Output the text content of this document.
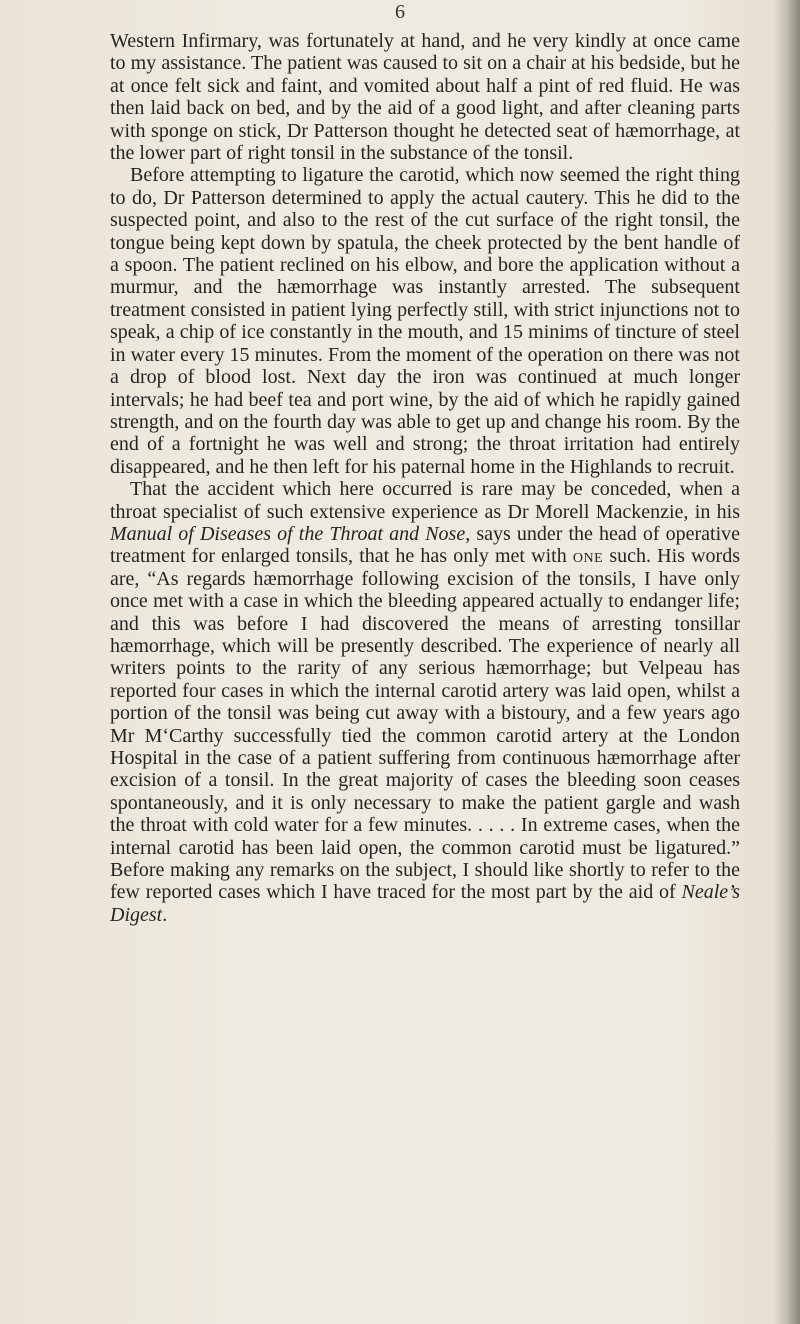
6

Western Infirmary, was fortunately at hand, and he very kindly at once came to my assistance. The patient was caused to sit on a chair at his bedside, but he at once felt sick and faint, and vomited about half a pint of red fluid. He was then laid back on bed, and by the aid of a good light, and after cleaning parts with sponge on stick, Dr Patterson thought he detected seat of hæmorrhage, at the lower part of right tonsil in the substance of the tonsil.

Before attempting to ligature the carotid, which now seemed the right thing to do, Dr Patterson determined to apply the actual cautery. This he did to the suspected point, and also to the rest of the cut surface of the right tonsil, the tongue being kept down by spatula, the cheek protected by the bent handle of a spoon. The patient reclined on his elbow, and bore the application without a murmur, and the hæmorrhage was instantly arrested. The subsequent treatment consisted in patient lying perfectly still, with strict injunctions not to speak, a chip of ice constantly in the mouth, and 15 minims of tincture of steel in water every 15 minutes. From the moment of the operation on there was not a drop of blood lost. Next day the iron was continued at much longer intervals; he had beef tea and port wine, by the aid of which he rapidly gained strength, and on the fourth day was able to get up and change his room. By the end of a fortnight he was well and strong; the throat irritation had entirely disappeared, and he then left for his paternal home in the Highlands to recruit.

That the accident which here occurred is rare may be conceded, when a throat specialist of such extensive experience as Dr Morell Mackenzie, in his Manual of Diseases of the Throat and Nose, says under the head of operative treatment for enlarged tonsils, that he has only met with one such. His words are, “As regards hæmorrhage following excision of the tonsils, I have only once met with a case in which the bleeding appeared actually to endanger life; and this was before I had discovered the means of arresting tonsillar hæmorrhage, which will be presently described. The experience of nearly all writers points to the rarity of any serious hæmorrhage; but Velpeau has reported four cases in which the internal carotid artery was laid open, whilst a portion of the tonsil was being cut away with a bistoury, and a few years ago Mr M‘Carthy successfully tied the common carotid artery at the London Hospital in the case of a patient suffering from continuous hæmorrhage after excision of a tonsil. In the great majority of cases the bleeding soon ceases spontaneously, and it is only necessary to make the patient gargle and wash the throat with cold water for a few minutes. . . . . In extreme cases, when the internal carotid has been laid open, the common carotid must be ligatured.” Before making any remarks on the subject, I should like shortly to refer to the few reported cases which I have traced for the most part by the aid of Neale’s Digest.
